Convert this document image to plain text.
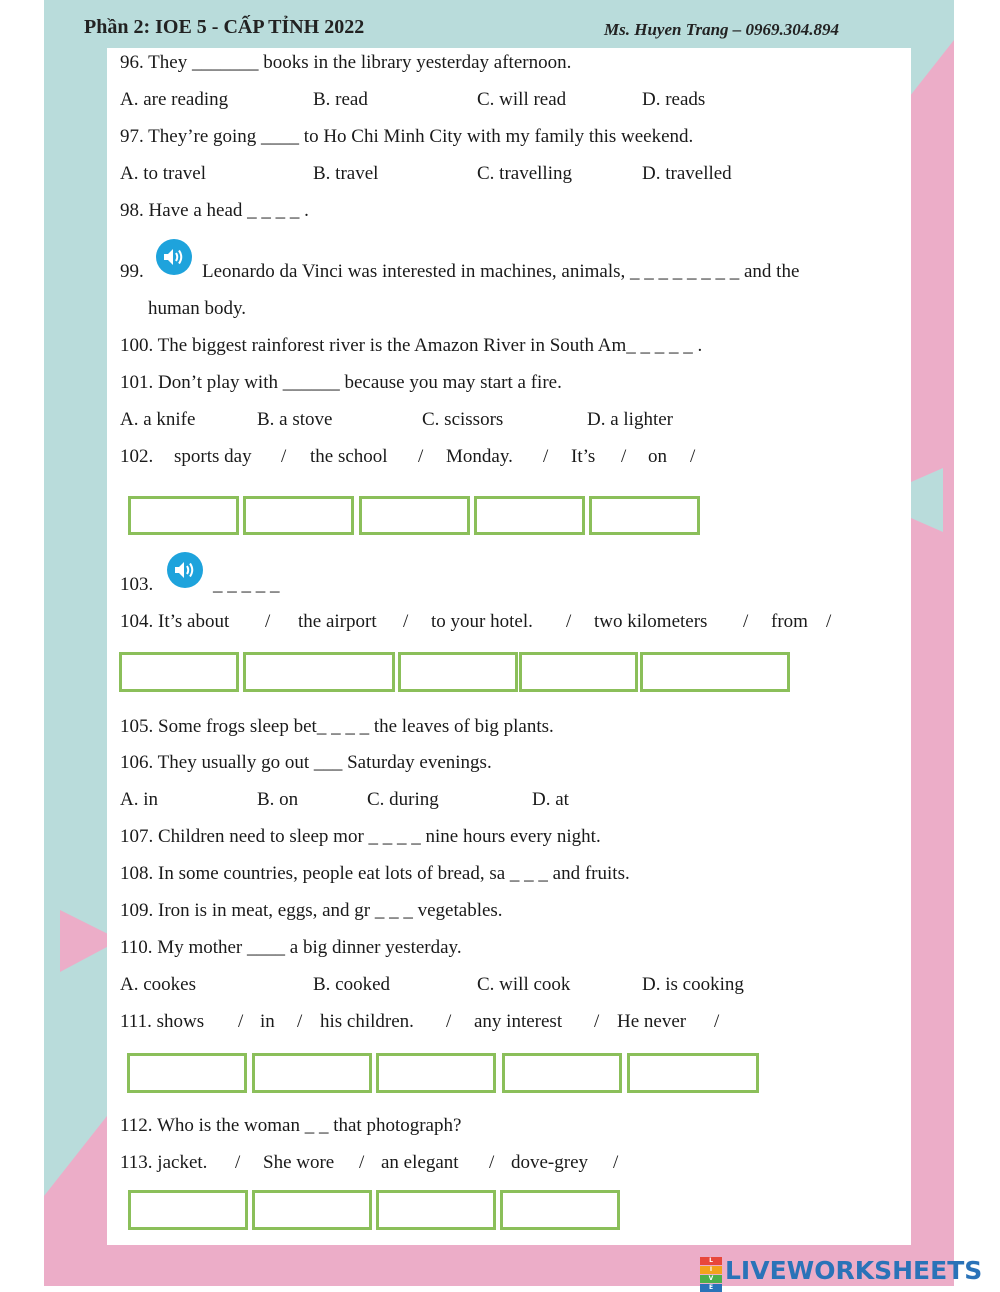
Phần 2: IOE 5 - CẤP TỈNH 2022	Ms. Huyen Trang – 0969.304.894
96. They _______ books in the library yesterday afternoon.
A. are reading	B. read	C. will read	D. reads
97. They’re going ____ to Ho Chi Minh City with my family this weekend.
A. to travel	B. travel	C. travelling	D. travelled
98. Have a head _ _ _ _ .
99.	Leonardo da Vinci was interested in machines, animals, _ _ _ _ _ _ _ _ and the
human body.
100. The biggest rainforest river is the Amazon River in South Am_ _ _ _ _ .
101. Don’t play with ______ because you may start a fire.
A. a knife	B. a stove	C. scissors	D. a lighter
102. sports day / the school / Monday. / It’s / on /
103.	_ _ _ _ _
104. It’s about / the airport / to your hotel. / two kilometers / from /
105. Some frogs sleep bet_ _ _ _ the leaves of big plants.
106. They usually go out ___ Saturday evenings.
A. in	B. on	C. during	D. at
107. Children need to sleep mor _ _ _ _ nine hours every night.
108. In some countries, people eat lots of bread, sa _ _ _ and fruits.
109. Iron is in meat, eggs, and gr _ _ _ vegetables.
110. My mother ____ a big dinner yesterday.
A. cookes	B. cooked	C. will cook	D. is cooking
111. shows / in / his children. / any interest / He never /
112. Who is the woman _ _ that photograph?
113. jacket. / She wore / an elegant / dove-grey /
L
I
V
E
LIVEWORKSHEETS
